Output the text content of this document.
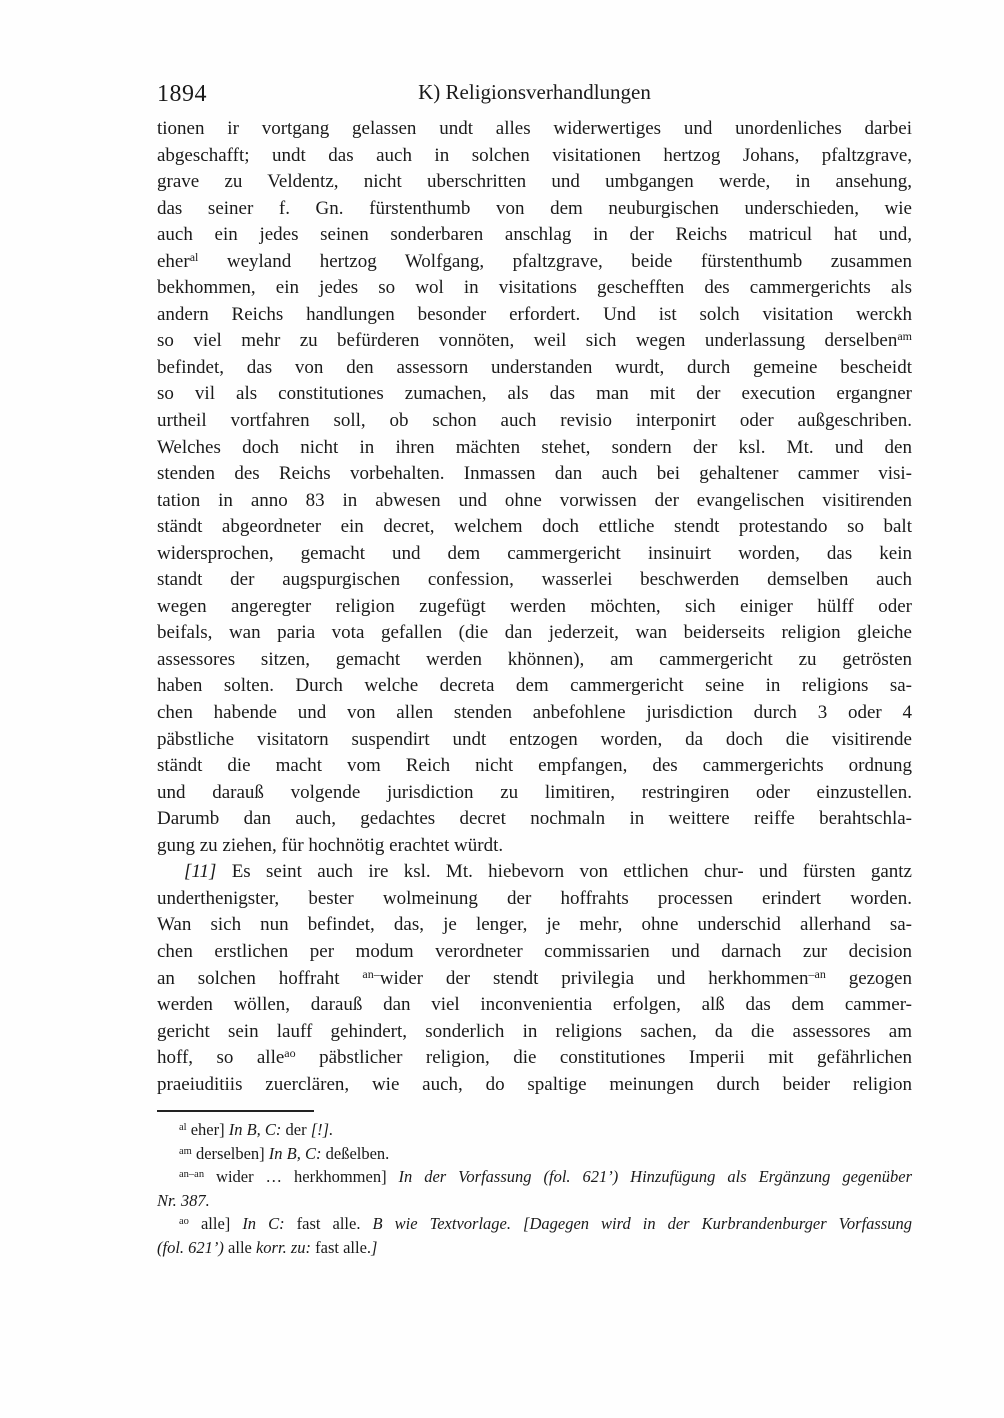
1894	K) Religionsverhandlungen
tionen ir vortgang gelassen undt alles widerwertiges und unordenliches darbei
abgeschafft; undt das auch in solchen visitationen hertzog Johans, pfaltzgrave,
grave zu Veldentz, nicht uberschritten und umbgangen werde, in ansehung,
das seiner f. Gn. fürstenthumb von dem neuburgischen underschieden, wie
auch ein jedes seinen sonderbaren anschlag in der Reichs matricul hat und,
eher$^{al}$ weyland hertzog Wolfgang, pfaltzgrave, beide fürstenthumb zusammen
bekhommen, ein jedes so wol in visitations geschefften des cammergerichts als
andern Reichs handlungen besonder erfordert. Und ist solch visitation werckh
so viel mehr zu befürderen vonnöten, weil sich wegen underlassung derselben$^{am}$
befindet, das von den assessorn understanden wurdt, durch gemeine bescheidt
so vil als constitutiones zumachen, als das man mit der execution ergangner
urtheil vortfahren soll, ob schon auch revisio interponirt oder außgeschriben.
Welches doch nicht in ihren mächten stehet, sondern der ksl. Mt. und den
stenden des Reichs vorbehalten. Inmassen dan auch bei gehaltener cammer visi-
tation in anno 83 in abwesen und ohne vorwissen der evangelischen visitirenden
ständt abgeordneter ein decret, welchem doch ettliche stendt protestando so balt
widersprochen, gemacht und dem cammergericht insinuirt worden, das kein
standt der augspurgischen confession, wasserlei beschwerden demselben auch
wegen angeregter religion zugefügt werden möchten, sich einiger hülff oder
beifals, wan paria vota gefallen (die dan jederzeit, wan beiderseits religion gleiche
assessores sitzen, gemacht werden khönnen), am cammergericht zu getrösten
haben solten. Durch welche decreta dem cammergericht seine in religions sa-
chen habende und von allen stenden anbefohlene jurisdiction durch 3 oder 4
päbstliche visitatorn suspendirt undt entzogen worden, da doch die visitirende
ständt die macht vom Reich nicht empfangen, des cammergerichts ordnung
und darauß volgende jurisdiction zu limitiren, restringiren oder einzustellen.
Darumb dan auch, gedachtes decret nochmaln in weittere reiffe berahtschla-
gung zu ziehen, für hochnötig erachtet würdt.
[11] Es seint auch ire ksl. Mt. hiebevorn von ettlichen chur- und fürsten gantz
underthenigster, bester wolmeinung der hoffrahts processen erindert worden.
Wan sich nun befindet, das, je lenger, je mehr, ohne underschid allerhand sa-
chen erstlichen per modum verordneter commissarien und darnach zur decision
an solchen hoffraht $^{an-}$wider der stendt privilegia und herkhommen$^{-an}$ gezogen
werden wöllen, darauß dan viel inconvenientia erfolgen, alß das dem cammer-
gericht sein lauff gehindert, sonderlich in religions sachen, da die assessores am
hoff, so alle$^{ao}$ päbstlicher religion, die constitutiones Imperii mit gefährlichen
praeiuditiis zuerclären, wie auch, do spaltige meinungen durch beider religion
$^{al}$ eher] In B, C: der [!].
$^{am}$ derselben] In B, C: deßelben.
$^{an-an}$ wider … herkhommen] In der Vorfassung (fol. 621’) Hinzufügung als Ergänzung gegenüber
Nr. 387.
$^{ao}$ alle] In C: fast alle. B wie Textvorlage. [Dagegen wird in der Kurbrandenburger Vorfassung
(fol. 621’) alle korr. zu: fast alle.]
